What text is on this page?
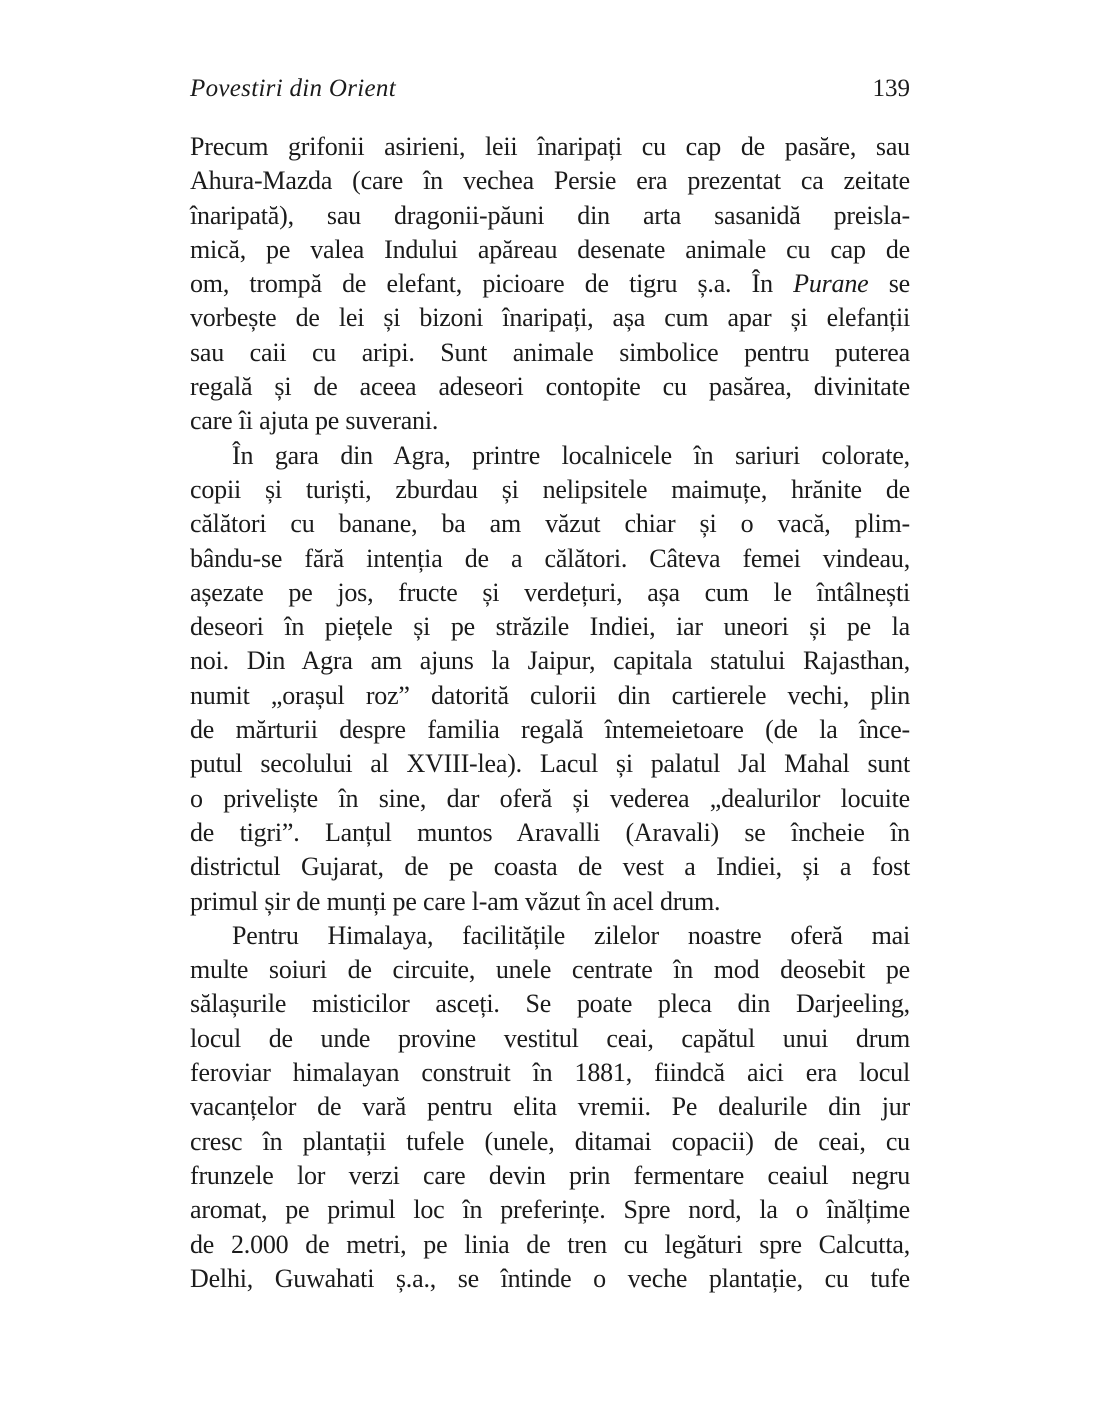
Povestiri din Orient	139
Precum grifonii asirieni, leii înaripați cu cap de pasăre, sau
Ahura-Mazda (care în vechea Persie era prezentat ca zeitate
înaripată), sau dragonii-păuni din arta sasanidă preisla-
mică, pe valea Indului apăreau desenate animale cu cap de
om, trompă de elefant, picioare de tigru ș.a. În Purane se
vorbește de lei și bizoni înaripați, așa cum apar și elefanții
sau caii cu aripi. Sunt animale simbolice pentru puterea
regală și de aceea adeseori contopite cu pasărea, divinitate
care îi ajuta pe suverani.
În gara din Agra, printre localnicele în sariuri colorate,
copii și turiști, zburdau și nelipsitele maimuțe, hrănite de
călători cu banane, ba am văzut chiar și o vacă, plim-
bându-se fără intenția de a călători. Câteva femei vindeau,
așezate pe jos, fructe și verdețuri, așa cum le întâlnești
deseori în piețele și pe străzile Indiei, iar uneori și pe la
noi. Din Agra am ajuns la Jaipur, capitala statului Rajasthan,
numit „orașul roz” datorită culorii din cartierele vechi, plin
de mărturii despre familia regală întemeietoare (de la înce-
putul secolului al XVIII-lea). Lacul și palatul Jal Mahal sunt
o priveliște în sine, dar oferă și vederea „dealurilor locuite
de tigri”. Lanțul muntos Aravalli (Aravali) se încheie în
districtul Gujarat, de pe coasta de vest a Indiei, și a fost
primul șir de munți pe care l-am văzut în acel drum.
Pentru Himalaya, facilitățile zilelor noastre oferă mai
multe soiuri de circuite, unele centrate în mod deosebit pe
sălașurile misticilor asceți. Se poate pleca din Darjeeling,
locul de unde provine vestitul ceai, capătul unui drum
feroviar himalayan construit în 1881, fiindcă aici era locul
vacanțelor de vară pentru elita vremii. Pe dealurile din jur
cresc în plantații tufele (unele, ditamai copacii) de ceai, cu
frunzele lor verzi care devin prin fermentare ceaiul negru
aromat, pe primul loc în preferințe. Spre nord, la o înălțime
de 2.000 de metri, pe linia de tren cu legături spre Calcutta,
Delhi, Guwahati ș.a., se întinde o veche plantație, cu tufe
